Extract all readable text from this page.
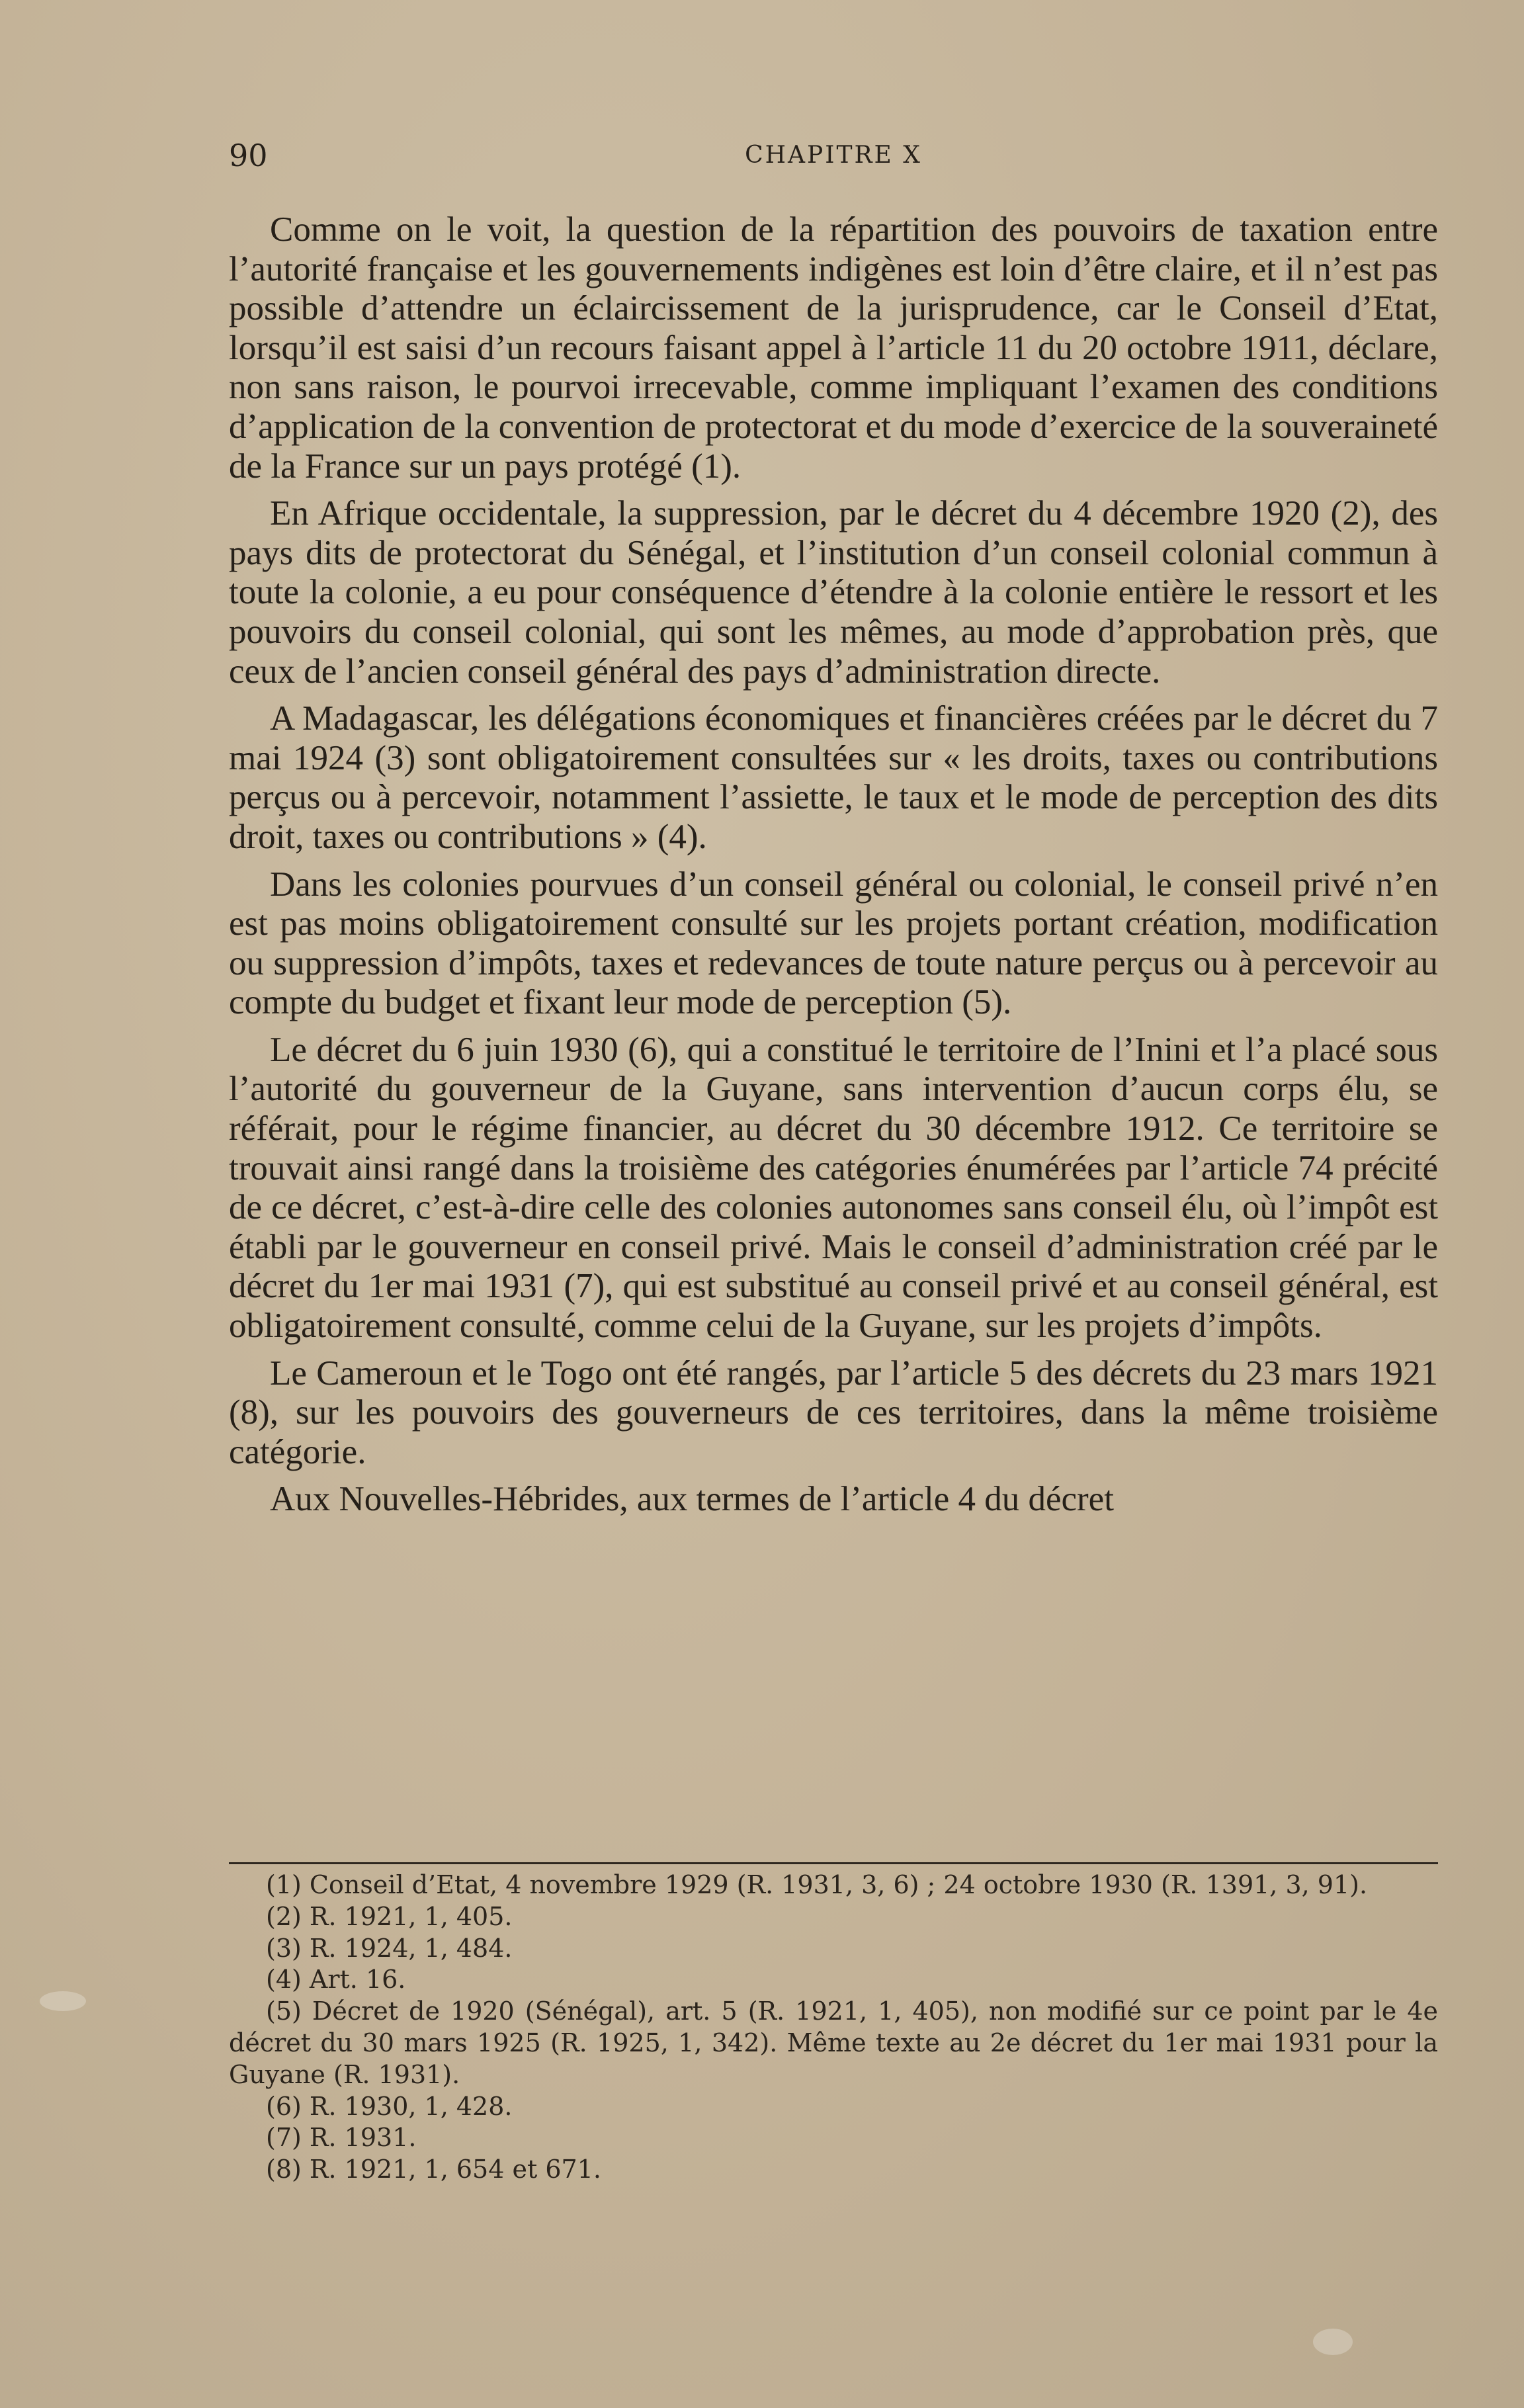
90	CHAPITRE X

Comme on le voit, la question de la répartition des pouvoirs de taxation entre l’autorité française et les gouvernements indigènes est loin d’être claire, et il n’est pas possible d’attendre un éclaircissement de la jurisprudence, car le Conseil d’Etat, lorsqu’il est saisi d’un recours faisant appel à l’article 11 du 20 octobre 1911, déclare, non sans raison, le pourvoi irrecevable, comme impliquant l’examen des conditions d’application de la convention de protectorat et du mode d’exercice de la souveraineté de la France sur un pays protégé (1).

En Afrique occidentale, la suppression, par le décret du 4 décembre 1920 (2), des pays dits de protectorat du Sénégal, et l’institution d’un conseil colonial commun à toute la colonie, a eu pour conséquence d’étendre à la colonie entière le ressort et les pouvoirs du conseil colonial, qui sont les mêmes, au mode d’approbation près, que ceux de l’ancien conseil général des pays d’administration directe.

A Madagascar, les délégations économiques et financières créées par le décret du 7 mai 1924 (3) sont obligatoirement consultées sur « les droits, taxes ou contributions perçus ou à percevoir, notamment l’assiette, le taux et le mode de perception des dits droit, taxes ou contributions » (4).

Dans les colonies pourvues d’un conseil général ou colonial, le conseil privé n’en est pas moins obligatoirement consulté sur les projets portant création, modification ou suppression d’impôts, taxes et redevances de toute nature perçus ou à percevoir au compte du budget et fixant leur mode de perception (5).

Le décret du 6 juin 1930 (6), qui a constitué le territoire de l’Inini et l’a placé sous l’autorité du gouverneur de la Guyane, sans intervention d’aucun corps élu, se référait, pour le régime financier, au décret du 30 décembre 1912. Ce territoire se trouvait ainsi rangé dans la troisième des catégories énumérées par l’article 74 précité de ce décret, c’est-à-dire celle des colonies autonomes sans conseil élu, où l’impôt est établi par le gouverneur en conseil privé. Mais le conseil d’administration créé par le décret du 1er mai 1931 (7), qui est substitué au conseil privé et au conseil général, est obligatoirement consulté, comme celui de la Guyane, sur les projets d’impôts.

Le Cameroun et le Togo ont été rangés, par l’article 5 des décrets du 23 mars 1921 (8), sur les pouvoirs des gouverneurs de ces territoires, dans la même troisième catégorie.

Aux Nouvelles-Hébrides, aux termes de l’article 4 du décret

(1) Conseil d’Etat, 4 novembre 1929 (R. 1931, 3, 6) ; 24 octobre 1930 (R. 1391, 3, 91).

(2) R. 1921, 1, 405.

(3) R. 1924, 1, 484.

(4) Art. 16.

(5) Décret de 1920 (Sénégal), art. 5 (R. 1921, 1, 405), non modifié sur ce point par le 4e décret du 30 mars 1925 (R. 1925, 1, 342). Même texte au 2e décret du 1er mai 1931 pour la Guyane (R. 1931).

(6) R. 1930, 1, 428.

(7) R. 1931.

(8) R. 1921, 1, 654 et 671.
